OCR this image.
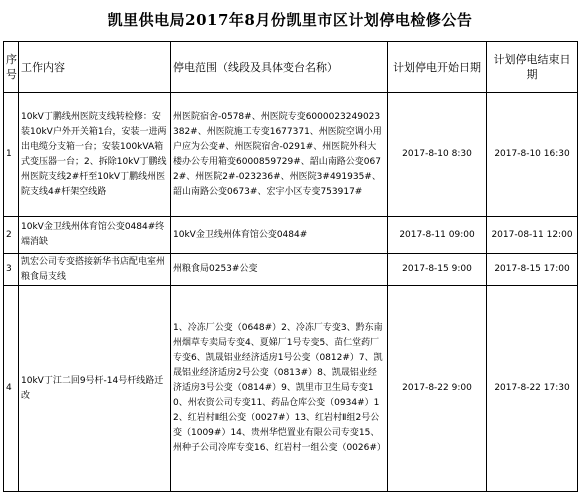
凯里供电局2017年8月份凯里市区计划停电检修公告
序号	工作内容	停电范围（线段及具体变台名称）	计划停电开始日期	计划停电结束日期
1	10kV丁鹏线州医院支线转检修：安装10kV户外开关箱1台，安装一进两出电缆分支箱一台；安装100kVA箱式变压器一台；2、拆除10kV丁鹏线州医院支线2#杆至10kV丁鹏线州医院支线4#杆架空线路	州医院宿舍-0578#、州医院专变6000023249023382#、州医院施工专变1677371、州医院空调小用户应为公变#、州医院宿舍-0291#、州医院外科大楼办公专用箱变6000859729#、韶山南路公变0672#、州医院2#-023236#、州医院3#491935#、韶山南路公变0673#、宏宇小区专变753917#	2017-8-10 8:30	2017-8-10 16:30
2	10kV金卫线州体育馆公变0484#终端消缺	10kV金卫线州体育馆公变0484#	2017-8-11 09:00	2017-08-11 12:00
3	凯宏公司专变搭接新华书店配电室州粮食局支线	州粮食局0253#公变	2017-8-15 9:00	2017-8-15 17:00
4	10kV丁江二回9号杆-14号杆线路迁改	1、冷冻厂公变（0648#）2、冷冻厂专变3、黔东南州烟草专卖局专变4、夏娣厂1号专变5、苗仁堂药厂专变6、凯晟铝业经济适房1号公变（0812#）7、凯晟铝业经济适房2号公变（0813#）8、凯晟铝业经济适房3号公变（0814#）9、凯里市卫生局专变10、州农资公司专变11、药品仓库公变（0934#）12、红岩村Ⅱ组公变（0027#）13、红岩村Ⅱ组2号公变（1009#）14、贵州华恺置业有限公司专变15、州种子公司冷库专变16、红岩村一组公变（0026#）	2017-8-22 9:00	2017-8-22 17:30
